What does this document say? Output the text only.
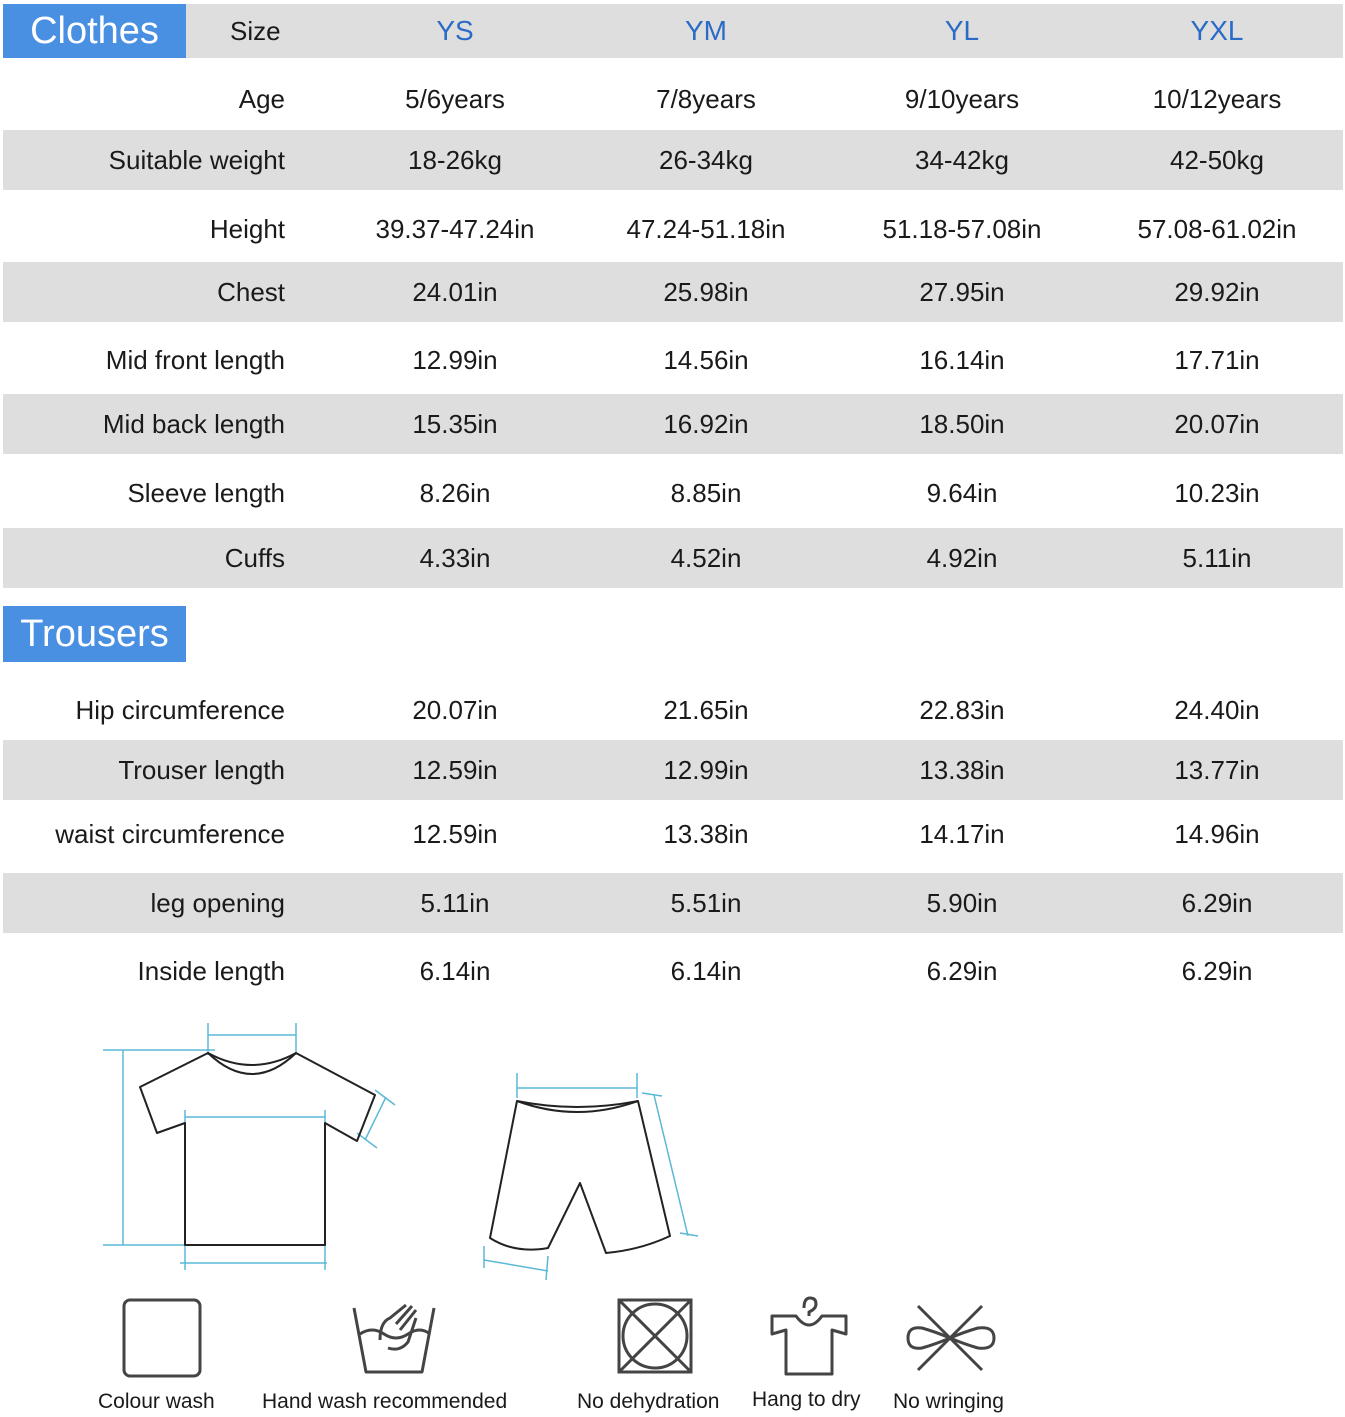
Size	YS	YM	YL	YXL
Clothes
Age	5/6years	7/8years	9/10years	10/12years
Suitable weight	18-26kg	26-34kg	34-42kg	42-50kg
Height	39.37-47.24in	47.24-51.18in	51.18-57.08in	57.08-61.02in
Chest	24.01in	25.98in	27.95in	29.92in
Mid front length	12.99in	14.56in	16.14in	17.71in
Mid back length	15.35in	16.92in	18.50in	20.07in
Sleeve length	8.26in	8.85in	9.64in	10.23in
Cuffs	4.33in	4.52in	4.92in	5.11in
Trousers
Hip circumference	20.07in	21.65in	22.83in	24.40in
Trouser length	12.59in	12.99in	13.38in	13.77in
waist circumference	12.59in	13.38in	14.17in	14.96in
leg opening	5.11in	5.51in	5.90in	6.29in
Inside length	6.14in	6.14in	6.29in	6.29in
Colour wash Hand wash recommended	No dehydration Hang to dry No wringing
